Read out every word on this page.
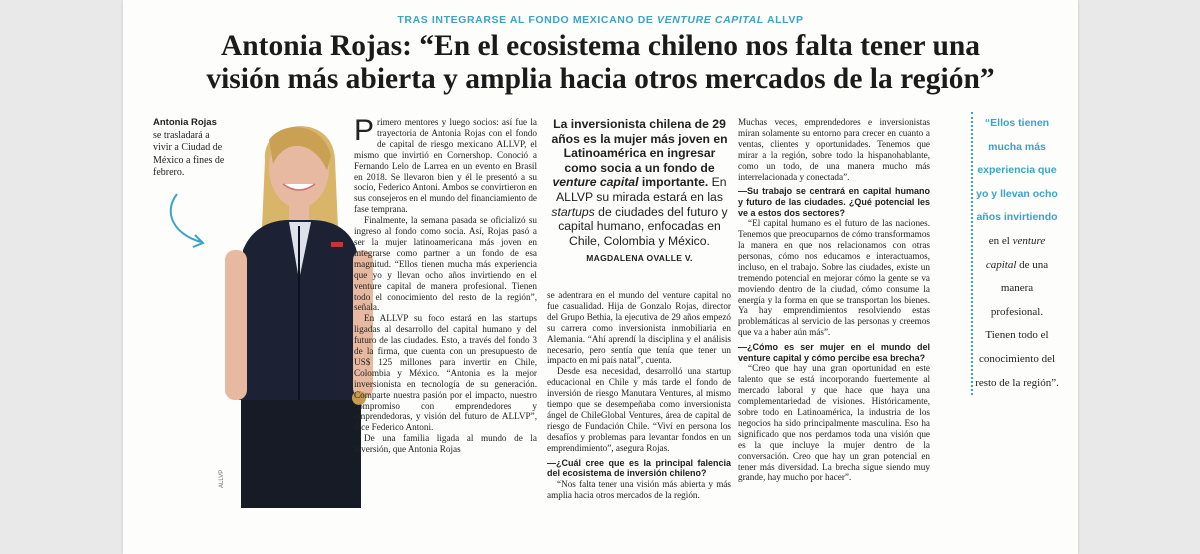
TRAS INTEGRARSE AL FONDO MEXICANO DE VENTURE CAPITAL ALLVP
Antonia Rojas: “En el ecosistema chileno nos falta tener una visión más abierta y amplia hacia otros mercados de la región”
Antonia Rojas
se trasladará a vivir a Ciudad de México a fines de febrero.
ALLVP

Primero mentores y luego socios: así fue la trayectoria de Antonia Rojas con el fondo de capital de riesgo mexicano ALLVP, el mismo que invirtió en Cornershop. Conoció a Fernando Lelo de Larrea en un evento en Brasil en 2018. Se llevaron bien y él le presentó a su socio, Federico Antoni. Ambos se convirtieron en sus consejeros en el mundo del financiamiento de fase temprana.

Finalmente, la semana pasada se oficializó su ingreso al fondo como socia. Así, Rojas pasó a ser la mujer latinoamericana más joven en integrarse como partner a un fondo de esa magnitud. “Ellos tienen mucha más experiencia que yo y llevan ocho años invirtiendo en el venture capital de manera profesional. Tienen todo el conocimiento del resto de la región”, señala.

En ALLVP su foco estará en las startups ligadas al desarrollo del capital humano y del futuro de las ciudades. Esto, a través del fondo 3 de la firma, que cuenta con un presupuesto de US$ 125 millones para invertir en Chile, Colombia y México. “Antonia es la mejor inversionista en tecnología de su generación. Comparte nuestra pasión por el impacto, nuestro compromiso con emprendedores y emprendedoras, y visión del futuro de ALLVP”, dice Federico Antoni.

De una familia ligada al mundo de la inversión, que Antonia Rojas

La inversionista chilena de 29 años es la mujer más joven en Latinoamérica en ingresar como socia a un fondo de venture capital importante. En ALLVP su mirada estará en las startups de ciudades del futuro y capital humano, enfocadas en Chile, Colombia y México.
MAGDALENA OVALLE V.

se adentrara en el mundo del venture capital no fue casualidad. Hija de Gonzalo Rojas, director del Grupo Bethia, la ejecutiva de 29 años empezó su carrera como inversionista inmobiliaria en Alemania. “Ahí aprendí la disciplina y el análisis necesario, pero sentía que tenía que tener un impacto en mi país natal”, cuenta.

Desde esa necesidad, desarrolló una startup educacional en Chile y más tarde el fondo de inversión de riesgo Manutara Ventures, al mismo tiempo que se desempeñaba como inversionista ángel de ChileGlobal Ventures, área de capital de riesgo de Fundación Chile. “Viví en persona los desafíos y problemas para levantar fondos en un emprendimiento”, asegura Rojas.

—¿Cuál cree que es la principal falencia del ecosistema de inversión chileno?

“Nos falta tener una visión más abierta y más amplia hacia otros mercados de la región.

Muchas veces, emprendedores e inversionistas miran solamente su entorno para crecer en cuanto a ventas, clientes y oportunidades. Tenemos que mirar a la región, sobre todo la hispanohablante, como un todo, de una manera mucho más interrelacionada y conectada”.

—Su trabajo se centrará en capital humano y futuro de las ciudades. ¿Qué potencial les ve a estos dos sectores?

“El capital humano es el futuro de las naciones. Tenemos que preocuparnos de cómo transformamos la manera en que nos relacionamos con otras personas, cómo nos educamos e interactuamos, incluso, en el trabajo. Sobre las ciudades, existe un tremendo potencial en mejorar cómo la gente se va moviendo dentro de la ciudad, cómo consume la energía y la forma en que se transportan los bienes. Ya hay emprendimientos resolviendo estas problemáticas al servicio de las personas y creemos que va a haber aún más”.

—¿Cómo es ser mujer en el mundo del venture capital y cómo percibe esa brecha?

“Creo que hay una gran oportunidad en este talento que se está incorporando fuertemente al mercado laboral y que hace que haya una complementariedad de visiones. Históricamente, sobre todo en Latinoamérica, la industria de los negocios ha sido principalmente masculina. Eso ha significado que nos perdamos toda una visión que es la que incluye la mujer dentro de la conversación. Creo que hay un gran potencial en tener más diversidad. La brecha sigue siendo muy grande, hay mucho por hacer”.

“Ellos tienen mucha más experiencia que yo y llevan ocho años invirtiendo en el venture capital de una manera profesional. Tienen todo el conocimiento del resto de la región”.
